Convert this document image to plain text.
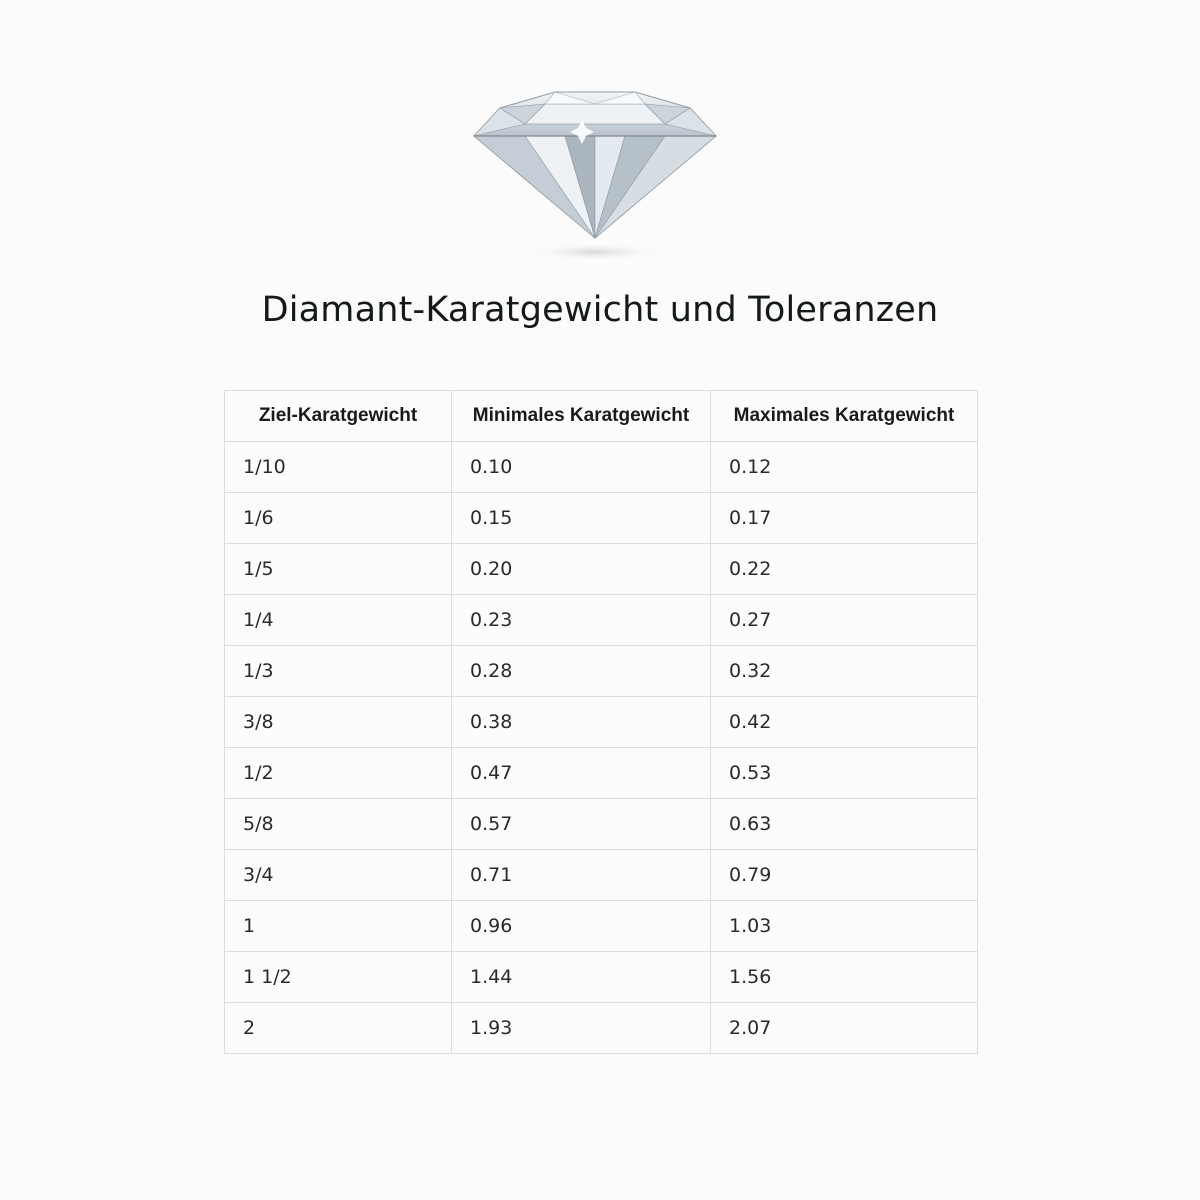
Diamant-Karatgewicht und Toleranzen
Ziel-Karatgewicht	Minimales Karatgewicht	Maximales Karatgewicht
1/10	0.10	0.12
1/6	0.15	0.17
1/5	0.20	0.22
1/4	0.23	0.27
1/3	0.28	0.32
3/8	0.38	0.42
1/2	0.47	0.53
5/8	0.57	0.63
3/4	0.71	0.79
1	0.96	1.03
1 1/2	1.44	1.56
2	1.93	2.07
